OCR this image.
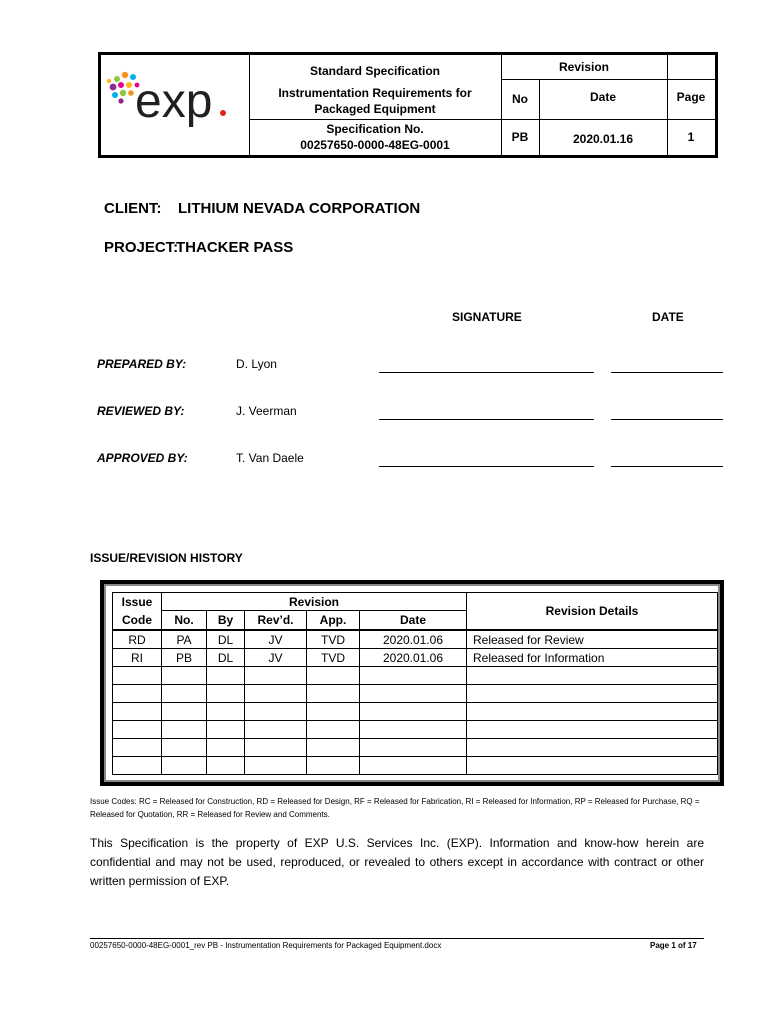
exp
Standard Specification
Instrumentation Requirements for Packaged Equipment
Specification No.
00257650-0000-48EG-0001
Revision
No	Date	Page
PB	2020.01.16	1
CLIENT: LITHIUM NEVADA CORPORATION
PROJECT:
THACKER PASS
SIGNATURE	DATE
PREPARED BY:	D. Lyon
REVIEWED BY:	J. Veerman
APPROVED BY:	T. Van Daele
ISSUE/REVISION HISTORY
Issue Code	Revision					Revision Details
	No.	By	Rev’d.	App.	Date	
RD	PA	DL	JV	TVD	2020.01.06	Released for Review
RI	PB	DL	JV	TVD	2020.01.06	Released for Information

Issue Codes: RC = Released for Construction, RD = Released for Design, RF = Released for Fabrication, RI = Released for Information, RP = Released for Purchase, RQ = Released for Quotation, RR = Released for Review and Comments.
This Specification is the property of EXP U.S. Services Inc. (EXP). Information and know-how herein are confidential and may not be used, reproduced, or revealed to others except in accordance with contract or other written permission of EXP.
00257650-0000-48EG-0001_rev PB - Instrumentation Requirements for Packaged Equipment.docx	Page 1 of 17
